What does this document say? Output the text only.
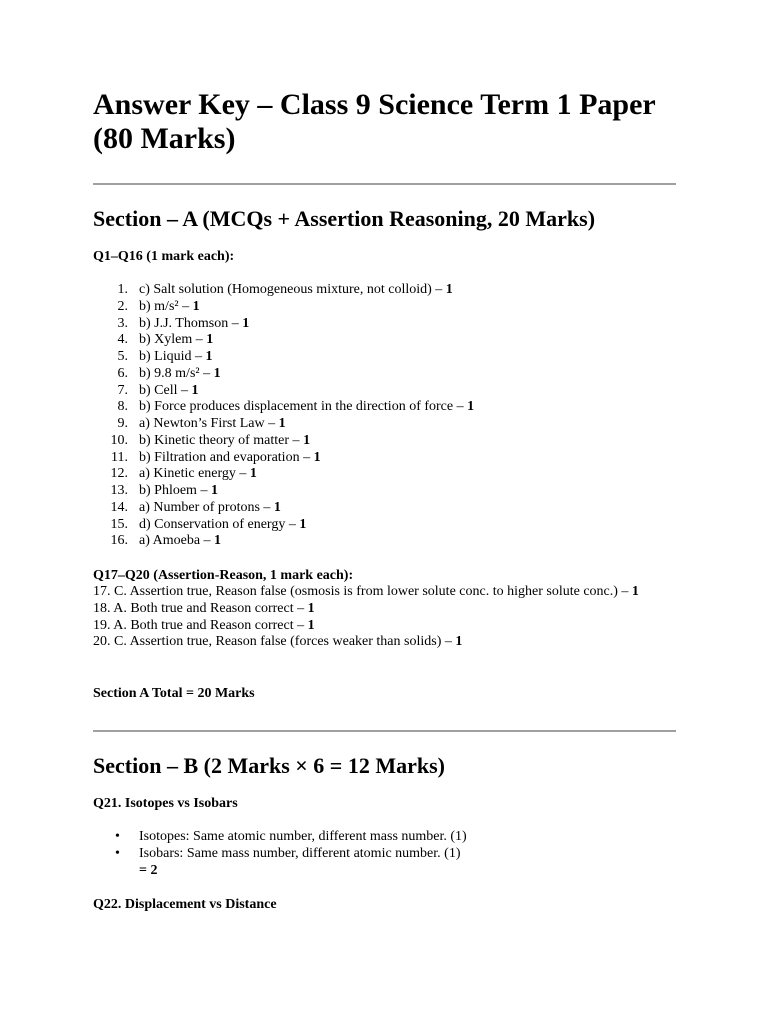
Answer Key – Class 9 Science Term 1 Paper (80 Marks)
Section – A (MCQs + Assertion Reasoning, 20 Marks)

Q1–Q16 (1 mark each):

1. c) Salt solution (Homogeneous mixture, not colloid) – 1
2. b) m/s² – 1
3. b) J.J. Thomson – 1
4. b) Xylem – 1
5. b) Liquid – 1
6. b) 9.8 m/s² – 1
7. b) Cell – 1
8. b) Force produces displacement in the direction of force – 1
9. a) Newton’s First Law – 1
10. b) Kinetic theory of matter – 1
11. b) Filtration and evaporation – 1
12. a) Kinetic energy – 1
13. b) Phloem – 1
14. a) Number of protons – 1
15. d) Conservation of energy – 1
16. a) Amoeba – 1

Q17–Q20 (Assertion-Reason, 1 mark each):

17. C. Assertion true, Reason false (osmosis is from lower solute conc. to higher solute conc.) – 1
18. A. Both true and Reason correct – 1
19. A. Both true and Reason correct – 1
20. C. Assertion true, Reason false (forces weaker than solids) – 1

Section A Total = 20 Marks

Section – B (2 Marks × 6 = 12 Marks)

Q21. Isotopes vs Isobars

• Isotopes: Same atomic number, different mass number. (1)
• Isobars: Same mass number, different atomic number. (1)
= 2

Q22. Displacement vs Distance
